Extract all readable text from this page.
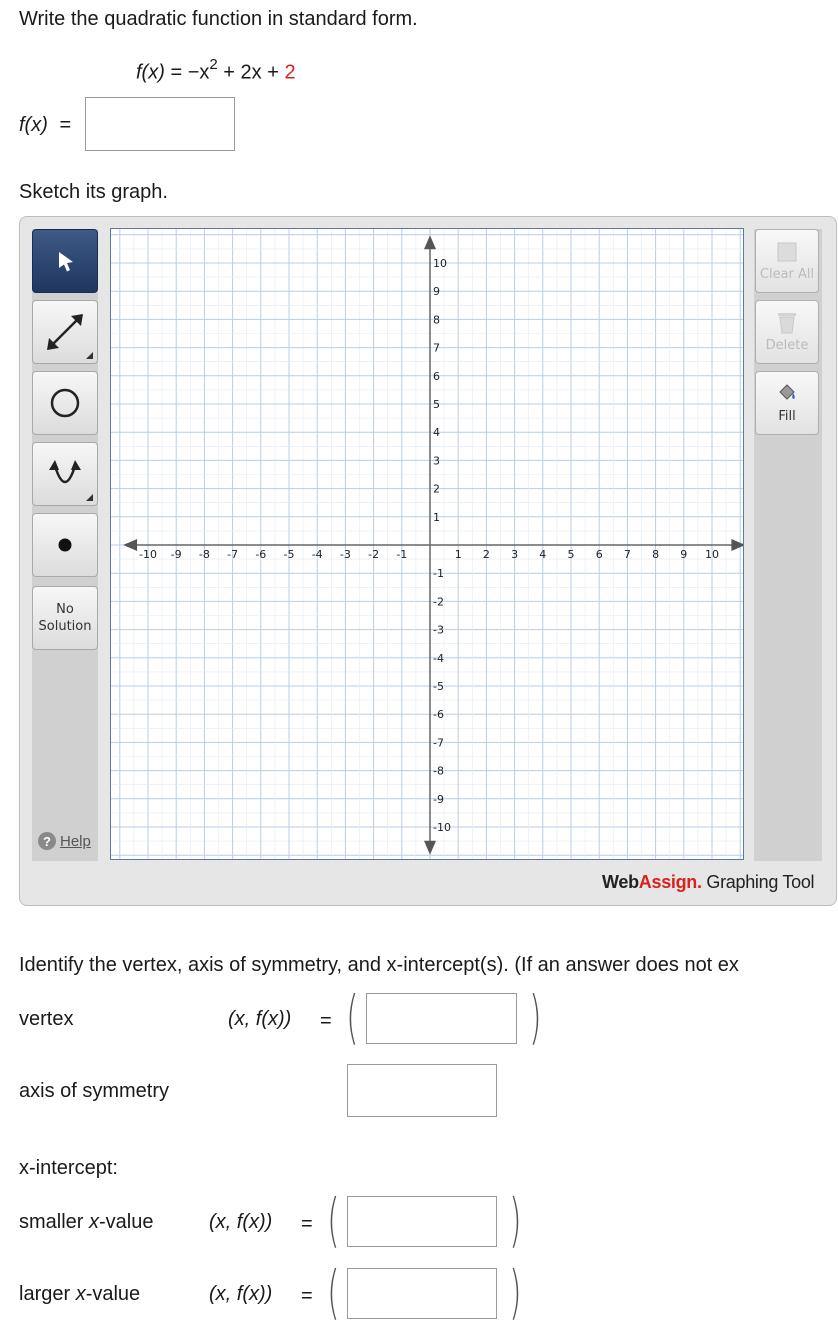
Write the quadratic function in standard form.
$f(x) = -x^2 + 2x + 2$
f(x) =
Sketch its graph.
No
Solution
? Help
Clear All
Delete
Fill
-10 -9 -8 -7 -6 -5 -4 -3 -2 -1	1 2 3 4 5 6 7 8 9 10
-10
-9
-8
-7
-6
-5
-4
-3
-2
-1
1
2
3
4
5
6
7
8
9
10
WebAssign. Graphing Tool
Identify the vertex, axis of symmetry, and x-intercept(s). (If an answer does not ex
vertex	(x, f(x)) = (	)
axis of symmetry
x-intercept:
smaller x-value	(x, f(x)) = (	)
larger x-value	(x, f(x)) = (	)
